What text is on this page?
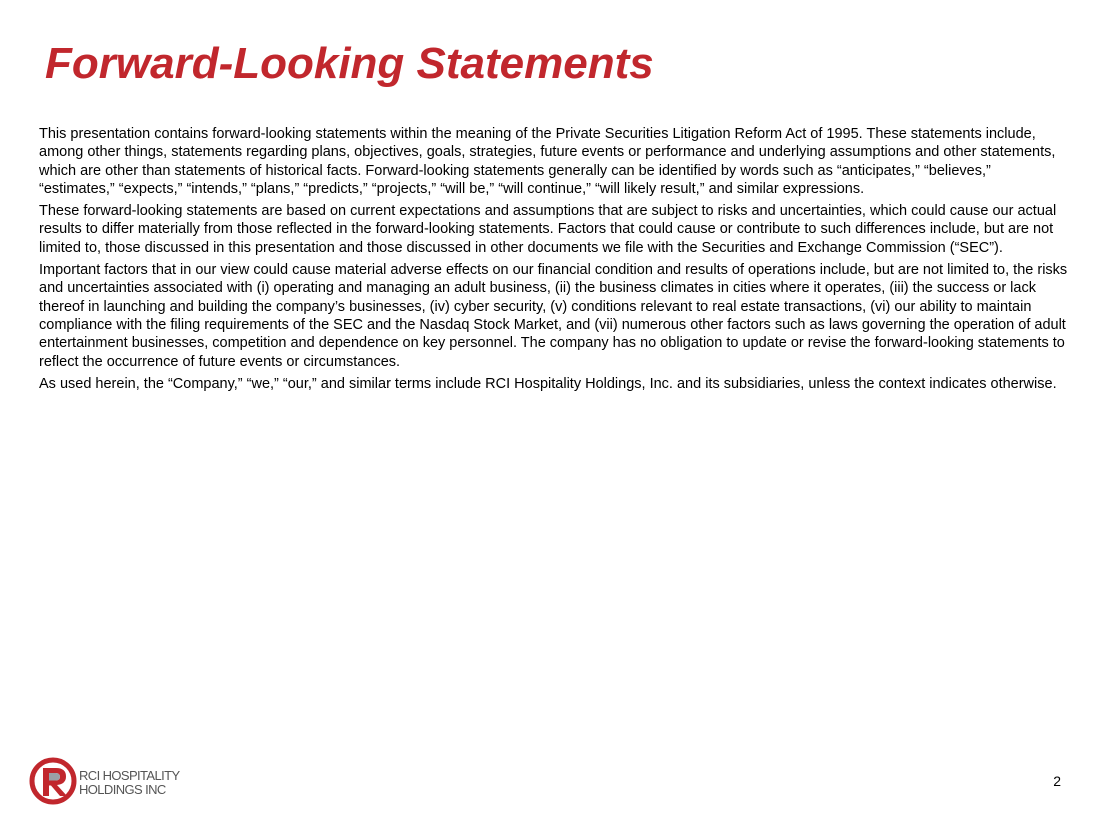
Forward-Looking Statements

This presentation contains forward-looking statements within the meaning of the Private Securities Litigation Reform Act of 1995. These statements include, among other things, statements regarding plans, objectives, goals, strategies, future events or performance and underlying assumptions and other statements, which are other than statements of historical facts. Forward-looking statements generally can be identified by words such as “anticipates,” “believes,” “estimates,” “expects,” “intends,” “plans,” “predicts,” “projects,” “will be,” “will continue,” “will likely result,” and similar expressions.

These forward-looking statements are based on current expectations and assumptions that are subject to risks and uncertainties, which could cause our actual results to differ materially from those reflected in the forward-looking statements. Factors that could cause or contribute to such differences include, but are not limited to, those discussed in this presentation and those discussed in other documents we file with the Securities and Exchange Commission (“SEC”).

Important factors that in our view could cause material adverse effects on our financial condition and results of operations include, but are not limited to, the risks and uncertainties associated with (i) operating and managing an adult business, (ii) the business climates in cities where it operates, (iii) the success or lack thereof in launching and building the company’s businesses, (iv) cyber security, (v) conditions relevant to real estate transactions, (vi) our ability to maintain compliance with the filing requirements of the SEC and the Nasdaq Stock Market, and (vii) numerous other factors such as laws governing the operation of adult entertainment businesses, competition and dependence on key personnel. The company has no obligation to update or revise the forward-looking statements to reflect the occurrence of future events or circumstances.

As used herein, the “Company,” “we,” “our,” and similar terms include RCI Hospitality Holdings, Inc. and its subsidiaries, unless the context indicates otherwise.

RCI HOSPITALITY
HOLDINGS INC
2
